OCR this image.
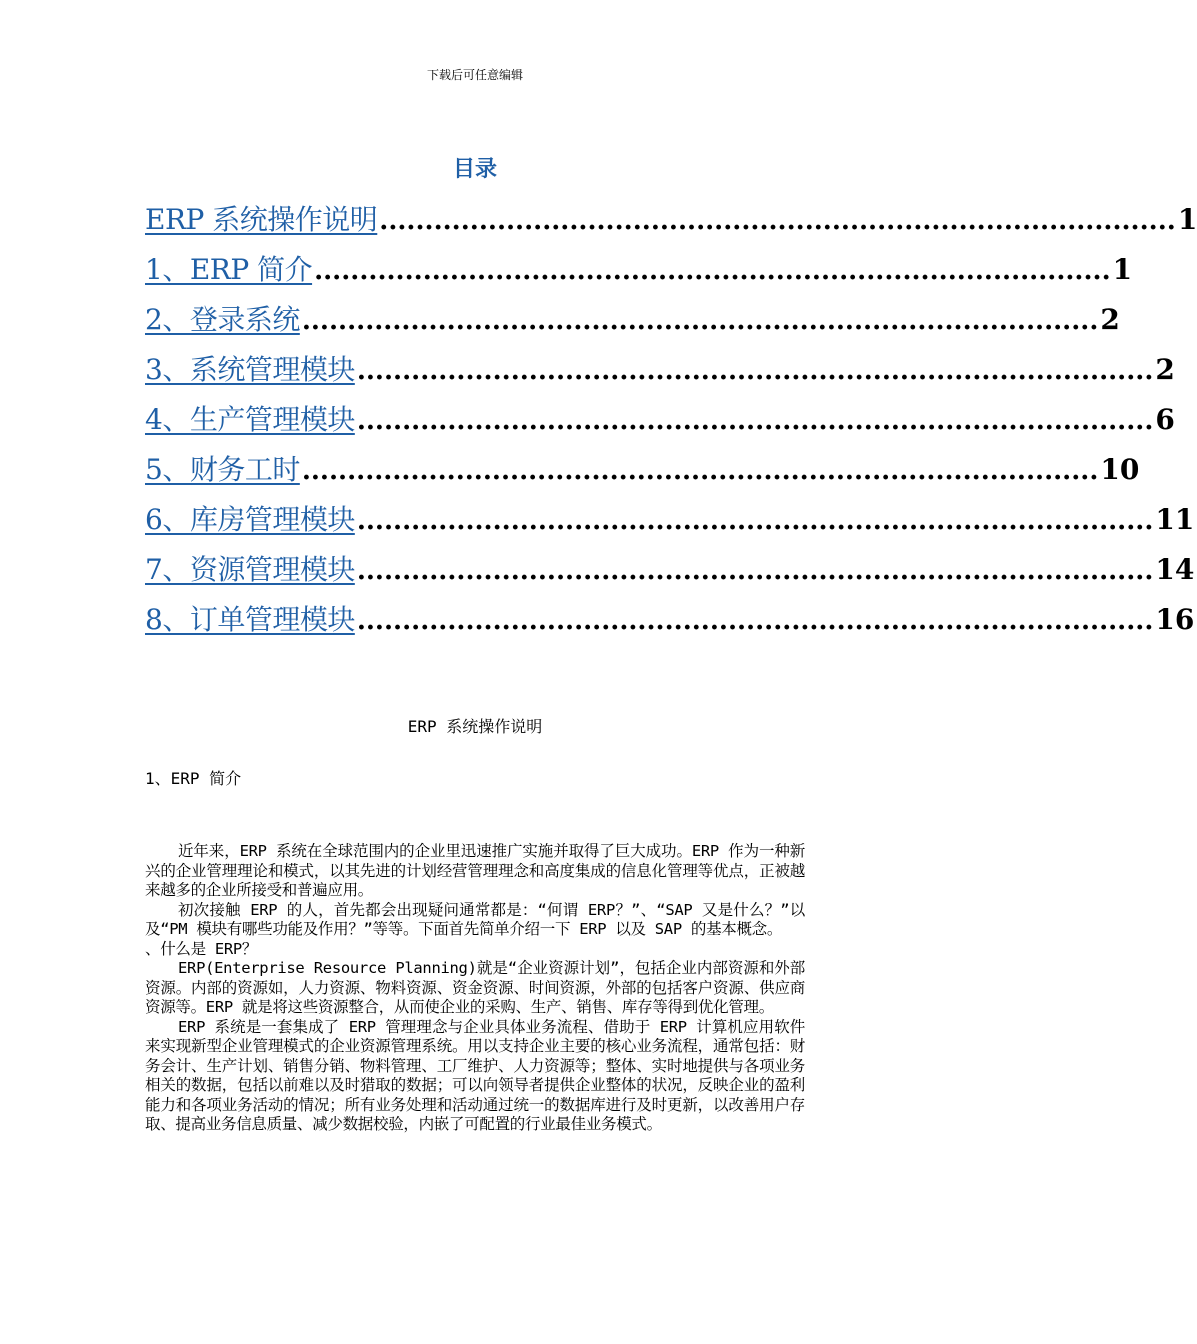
下载后可任意编辑
目录
ERP 系统操作说明 ........................................................................................ 1
1、ERP 简介 ........................................................................................ 1
2、登录系统 ........................................................................................ 2
3、系统管理模块 ........................................................................................ 2
4、生产管理模块 ........................................................................................ 6
5、财务工时 ........................................................................................ 10
6、库房管理模块 ........................................................................................ 11
7、资源管理模块 ........................................................................................ 14
8、订单管理模块 ........................................................................................ 16
ERP 系统操作说明
1、ERP 简介

近年来，ERP 系统在全球范围内的企业里迅速推广实施并取得了巨大成功。ERP 作为一种新兴的企业管理理论和模式，以其先进的计划经营管理理念和高度集成的信息化管理等优点，正被越来越多的企业所接受和普遍应用。

初次接触 ERP 的人，首先都会出现疑问通常都是：“何谓 ERP？”、“SAP 又是什么？”以及“PM 模块有哪些功能及作用？”等等。下面首先简单介绍一下 ERP 以及 SAP 的基本概念。

、什么是 ERP？

ERP(Enterprise Resource Planning)就是“企业资源计划”，包括企业内部资源和外部资源。内部的资源如，人力资源、物料资源、资金资源、时间资源，外部的包括客户资源、供应商资源等。ERP 就是将这些资源整合，从而使企业的采购、生产、销售、库存等得到优化管理。

ERP 系统是一套集成了 ERP 管理理念与企业具体业务流程、借助于 ERP 计算机应用软件来实现新型企业管理模式的企业资源管理系统。用以支持企业主要的核心业务流程，通常包括：财务会计、生产计划、销售分销、物料管理、工厂维护、人力资源等；整体、实时地提供与各项业务相关的数据，包括以前难以及时猎取的数据；可以向领导者提供企业整体的状况，反映企业的盈利能力和各项业务活动的情况；所有业务处理和活动通过统一的数据库进行及时更新，以改善用户存取、提高业务信息质量、减少数据校验，内嵌了可配置的行业最佳业务模式。
